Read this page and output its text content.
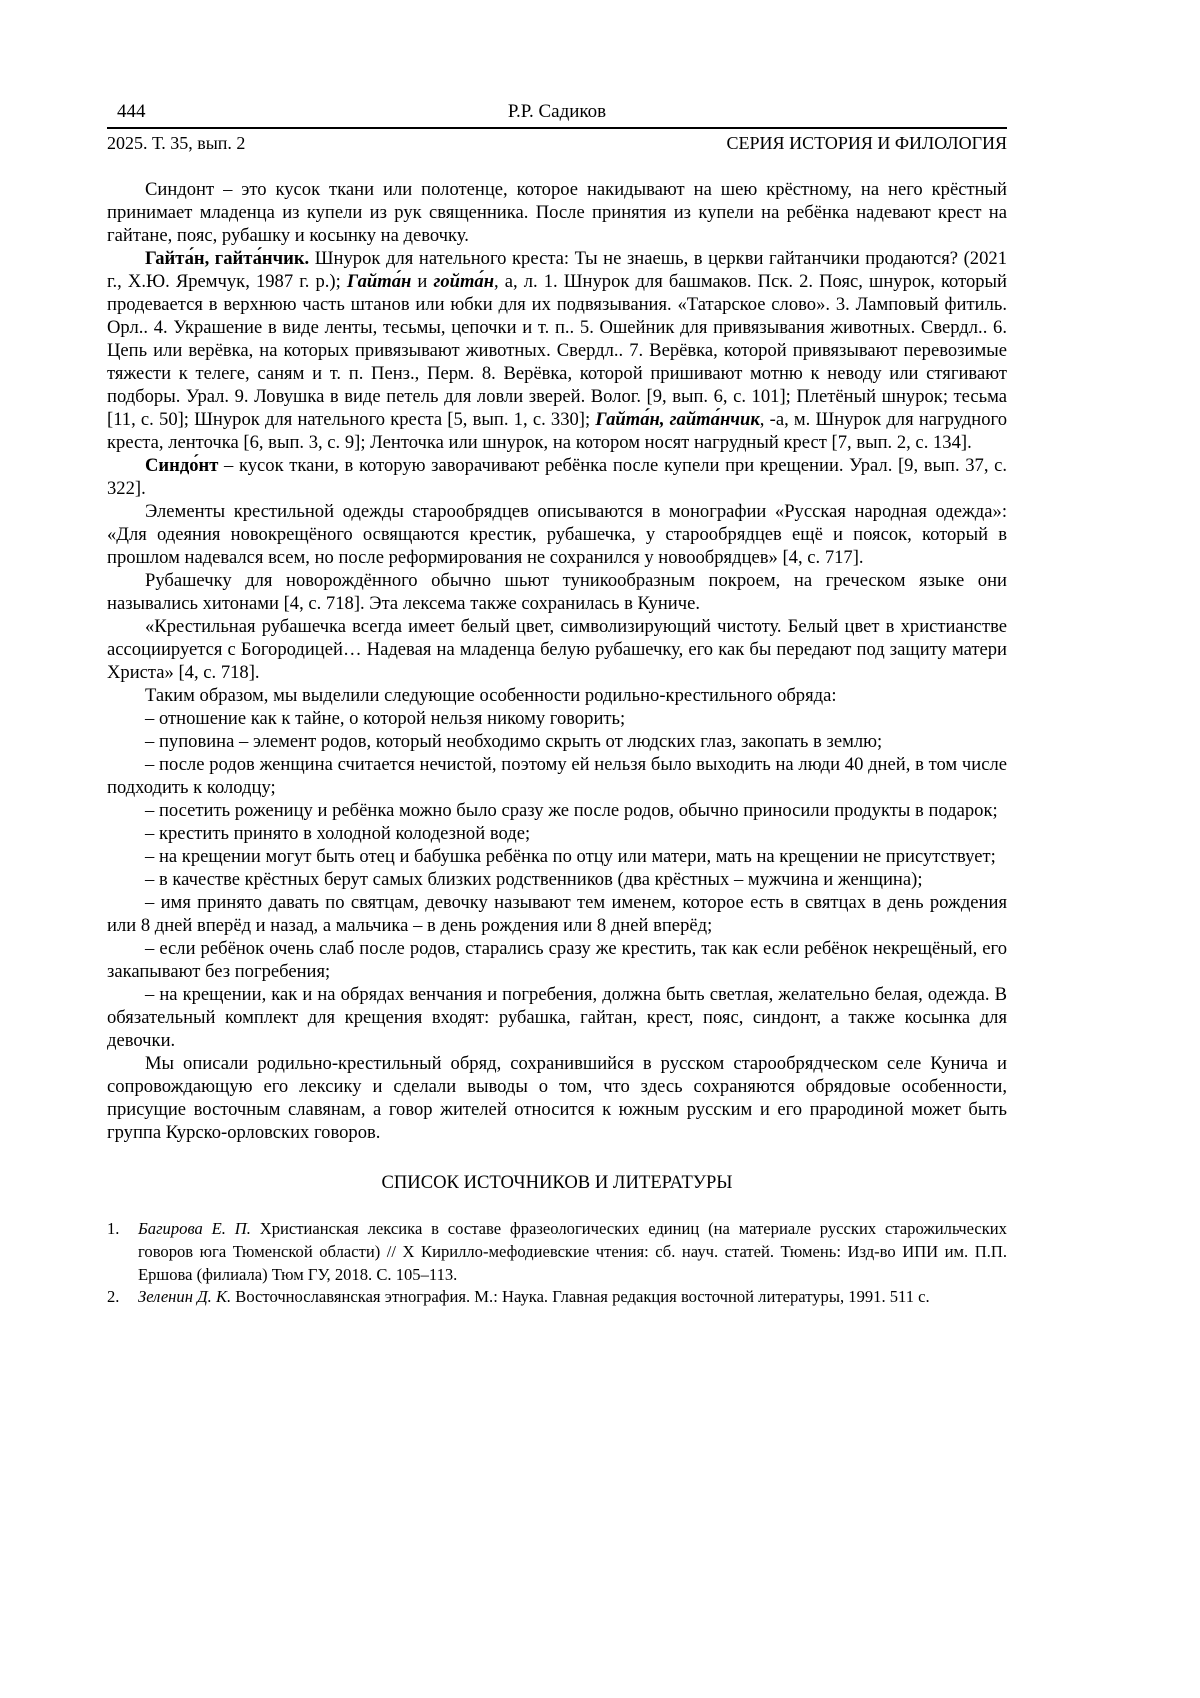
444	Р.Р. Садиков
2025. Т. 35, вып. 2	СЕРИЯ ИСТОРИЯ И ФИЛОЛОГИЯ

Синдонт – это кусок ткани или полотенце, которое накидывают на шею крёстному, на него крёстный принимает младенца из купели из рук священника. После принятия из купели на ребёнка надевают крест на гайтане, пояс, рубашку и косынку на девочку.

Гайта́н, гайта́нчик. Шнурок для нательного креста: Ты не знаешь, в церкви гайтанчики продаются? (2021 г., Х.Ю. Яремчук, 1987 г. р.); Гайта́н и гойта́н, а, л. 1. Шнурок для башмаков. Пск. 2. Пояс, шнурок, который продевается в верхнюю часть штанов или юбки для их подвязывания. «Татарское слово». 3. Ламповый фитиль. Орл.. 4. Украшение в виде ленты, тесьмы, цепочки и т. п.. 5. Ошейник для привязывания животных. Свердл.. 6. Цепь или верёвка, на которых привязывают животных. Свердл.. 7. Верёвка, которой привязывают перевозимые тяжести к телеге, саням и т. п. Пенз., Перм. 8. Верёвка, которой пришивают мотню к неводу или стягивают подборы. Урал. 9. Ловушка в виде петель для ловли зверей. Волог. [9, вып. 6, с. 101]; Плетёный шнурок; тесьма [11, с. 50]; Шнурок для нательного креста [5, вып. 1, с. 330]; Гайта́н, гайта́нчик, -а, м. Шнурок для нагрудного креста, ленточка [6, вып. 3, с. 9]; Ленточка или шнурок, на котором носят нагрудный крест [7, вып. 2, с. 134].

Синдо́нт – кусок ткани, в которую заворачивают ребёнка после купели при крещении. Урал. [9, вып. 37, с. 322].

Элементы крестильной одежды старообрядцев описываются в монографии «Русская народная одежда»: «Для одеяния новокрещёного освящаются крестик, рубашечка, у старообрядцев ещё и поясок, который в прошлом надевался всем, но после реформирования не сохранился у новообрядцев» [4, с. 717].

Рубашечку для новорождённого обычно шьют туникообразным покроем, на греческом языке они назывались хитонами [4, с. 718]. Эта лексема также сохранилась в Куниче.

«Крестильная рубашечка всегда имеет белый цвет, символизирующий чистоту. Белый цвет в христианстве ассоциируется с Богородицей… Надевая на младенца белую рубашечку, его как бы передают под защиту матери Христа» [4, с. 718].

Таким образом, мы выделили следующие особенности родильно-крестильного обряда:

– отношение как к тайне, о которой нельзя никому говорить;

– пуповина – элемент родов, который необходимо скрыть от людских глаз, закопать в землю;

– после родов женщина считается нечистой, поэтому ей нельзя было выходить на люди 40 дней, в том числе подходить к колодцу;

– посетить роженицу и ребёнка можно было сразу же после родов, обычно приносили продукты в подарок;

– крестить принято в холодной колодезной воде;

– на крещении могут быть отец и бабушка ребёнка по отцу или матери, мать на крещении не присутствует;

– в качестве крёстных берут самых близких родственников (два крёстных – мужчина и женщина);

– имя принято давать по святцам, девочку называют тем именем, которое есть в святцах в день рождения или 8 дней вперёд и назад, а мальчика – в день рождения или 8 дней вперёд;

– если ребёнок очень слаб после родов, старались сразу же крестить, так как если ребёнок некрещёный, его закапывают без погребения;

– на крещении, как и на обрядах венчания и погребения, должна быть светлая, желательно белая, одежда. В обязательный комплект для крещения входят: рубашка, гайтан, крест, пояс, синдонт, а также косынка для девочки.

Мы описали родильно-крестильный обряд, сохранившийся в русском старообрядческом селе Кунича и сопровождающую его лексику и сделали выводы о том, что здесь сохраняются обрядовые особенности, присущие восточным славянам, а говор жителей относится к южным русским и его прародиной может быть группа Курско-орловских говоров.

СПИСОК ИСТОЧНИКОВ И ЛИТЕРАТУРЫ
1.	Багирова Е. П. Христианская лексика в составе фразеологических единиц (на материале русских старожильческих говоров юга Тюменской области) // X Кирилло-мефодиевские чтения: сб. науч. статей. Тюмень: Изд-во ИПИ им. П.П. Ершова (филиала) Тюм ГУ, 2018. С. 105–113.
2.	Зеленин Д. К. Восточнославянская этнография. М.: Наука. Главная редакция восточной литературы, 1991. 511 с.
